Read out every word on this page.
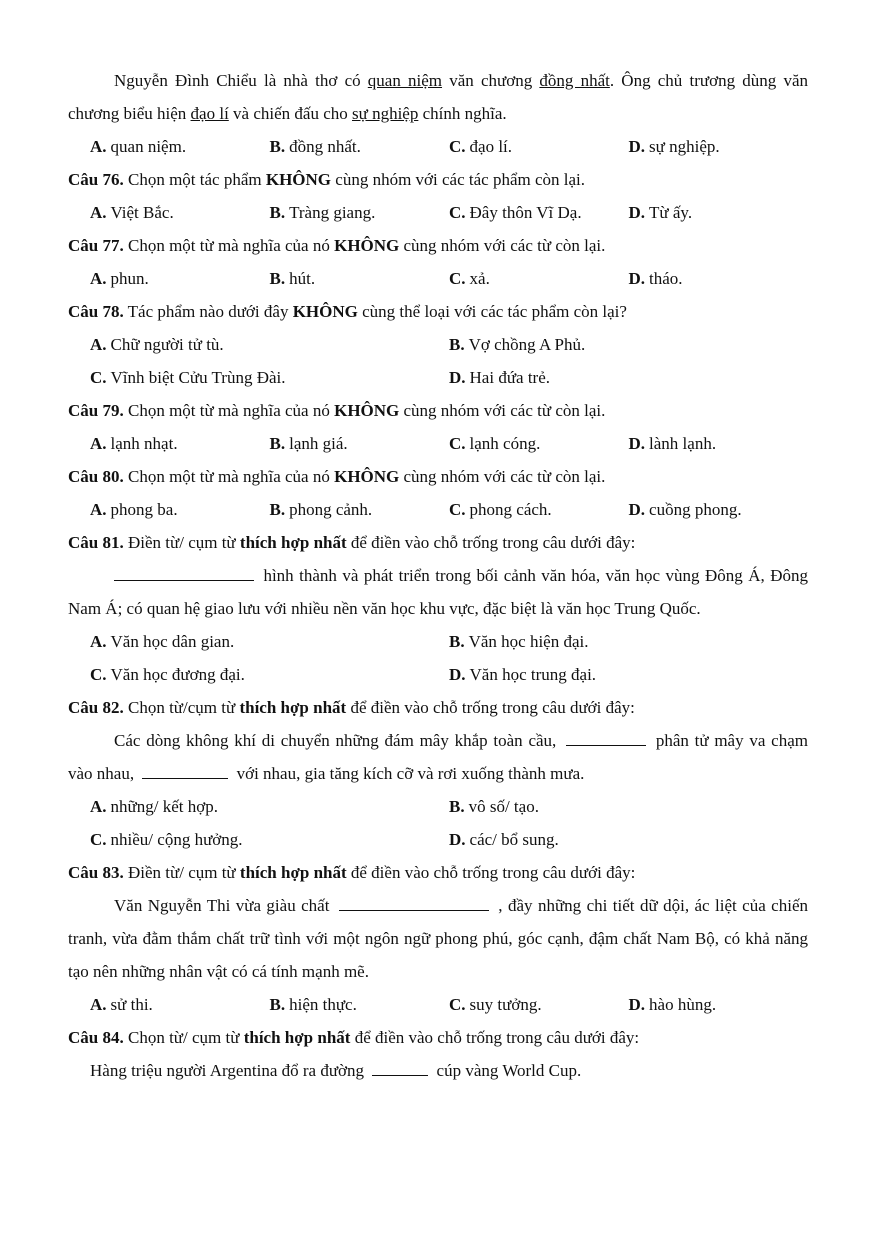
Nguyễn Đình Chiểu là nhà thơ có quan niệm văn chương đồng nhất. Ông chủ trương dùng văn chương biểu hiện đạo lí và chiến đấu cho sự nghiệp chính nghĩa.
A. quan niệm.	B. đồng nhất.	C. đạo lí.	D. sự nghiệp.
Câu 76. Chọn một tác phẩm KHÔNG cùng nhóm với các tác phẩm còn lại.
A. Việt Bắc.	B. Tràng giang.	C. Đây thôn Vĩ Dạ.	D. Từ ấy.
Câu 77. Chọn một từ mà nghĩa của nó KHÔNG cùng nhóm với các từ còn lại.
A. phun.	B. hút.	C. xả.	D. tháo.
Câu 78. Tác phẩm nào dưới đây KHÔNG cùng thể loại với các tác phẩm còn lại?
A. Chữ người tử tù.	B. Vợ chồng A Phủ.
C. Vĩnh biệt Cửu Trùng Đài.	D. Hai đứa trẻ.
Câu 79. Chọn một từ mà nghĩa của nó KHÔNG cùng nhóm với các từ còn lại.
A. lạnh nhạt.	B. lạnh giá.	C. lạnh cóng.	D. lành lạnh.
Câu 80. Chọn một từ mà nghĩa của nó KHÔNG cùng nhóm với các từ còn lại.
A. phong ba.	B. phong cảnh.	C. phong cách.	D. cuồng phong.
Câu 81. Điền từ/ cụm từ thích hợp nhất để điền vào chỗ trống trong câu dưới đây:
hình thành và phát triển trong bối cảnh văn hóa, văn học vùng Đông Á, Đông Nam Á; có quan hệ giao lưu với nhiều nền văn học khu vực, đặc biệt là văn học Trung Quốc.
A. Văn học dân gian.	B. Văn học hiện đại.
C. Văn học đương đại.	D. Văn học trung đại.
Câu 82. Chọn từ/cụm từ thích hợp nhất để điền vào chỗ trống trong câu dưới đây:
Các dòng không khí di chuyển những đám mây khắp toàn cầu,	phân tử mây va chạm vào nhau,	với nhau, gia tăng kích cỡ và rơi xuống thành mưa.
A. những/ kết hợp.	B. vô số/ tạo.
C. nhiều/ cộng hưởng.	D. các/ bổ sung.
Câu 83. Điền từ/ cụm từ thích hợp nhất để điền vào chỗ trống trong câu dưới đây:
Văn Nguyễn Thi vừa giàu chất	, đầy những chi tiết dữ dội, ác liệt của chiến tranh, vừa đằm thắm chất trữ tình với một ngôn ngữ phong phú, góc cạnh, đậm chất Nam Bộ, có khả năng tạo nên những nhân vật có cá tính mạnh mẽ.
A. sử thi.	B. hiện thực.	C. suy tưởng.	D. hào hùng.
Câu 84. Chọn từ/ cụm từ thích hợp nhất để điền vào chỗ trống trong câu dưới đây:
Hàng triệu người Argentina đổ ra đường	cúp vàng World Cup.
